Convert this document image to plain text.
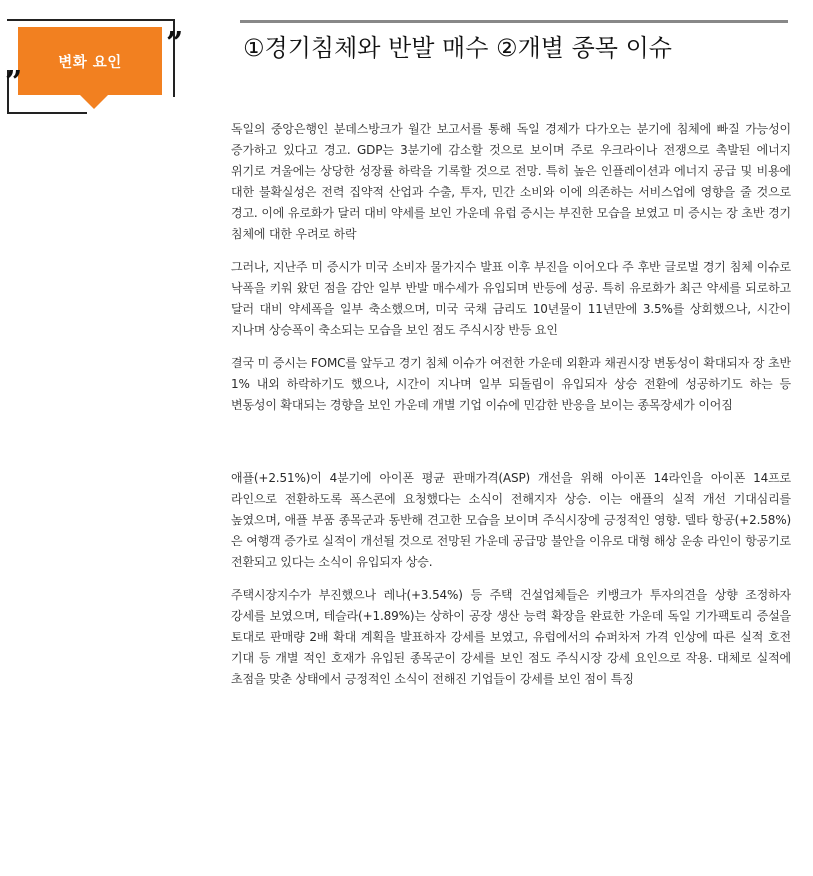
변화 요인
”
”
①경기침체와 반발 매수 ②개별 종목 이슈

독일의 중앙은행인 분데스방크가 월간 보고서를 통해 독일 경제가 다가오는 분기에 침체에 빠질 가능성이 증가하고 있다고 경고. GDP는 3분기에 감소할 것으로 보이며 주로 우크라이나 전쟁으로 촉발된 에너지 위기로 겨울에는 상당한 성장률 하락을 기록할 것으로 전망. 특히 높은 인플레이션과 에너지 공급 및 비용에 대한 불확실성은 전력 집약적 산업과 수출, 투자, 민간 소비와 이에 의존하는 서비스업에 영향을 줄 것으로 경고. 이에 유로화가 달러 대비 약세를 보인 가운데 유럽 증시는 부진한 모습을 보였고 미 증시는 장 초반 경기 침체에 대한 우려로 하락

그러나, 지난주 미 증시가 미국 소비자 물가지수 발표 이후 부진을 이어오다 주 후반 글로벌 경기 침체 이슈로 낙폭을 키워 왔던 점을 감안 일부 반발 매수세가 유입되며 반등에 성공. 특히 유로화가 최근 약세를 되로하고 달러 대비 약세폭을 일부 축소했으며, 미국 국채 금리도 10년물이 11년만에 3.5%를 상회했으나, 시간이 지나며 상승폭이 축소되는 모습을 보인 점도 주식시장 반등 요인

결국 미 증시는 FOMC를 앞두고 경기 침체 이슈가 여전한 가운데 외환과 채권시장 변동성이 확대되자 장 초반 1% 내외 하락하기도 했으나, 시간이 지나며 일부 되돌림이 유입되자 상승 전환에 성공하기도 하는 등 변동성이 확대되는 경향을 보인 가운데 개별 기업 이슈에 민감한 반응을 보이는 종목장세가 이어짐

애플(+2.51%)이 4분기에 아이폰 평균 판매가격(ASP) 개선을 위해 아이폰 14라인을 아이폰 14프로 라인으로 전환하도록 폭스콘에 요청했다는 소식이 전해지자 상승. 이는 애플의 실적 개선 기대심리를 높였으며, 애플 부품 종목군과 동반해 견고한 모습을 보이며 주식시장에 긍정적인 영향. 델타 항공(+2.58%)은 여행객 증가로 실적이 개선될 것으로 전망된 가운데 공급망 불안을 이유로 대형 해상 운송 라인이 항공기로 전환되고 있다는 소식이 유입되자 상승.

주택시장지수가 부진했으나 레나(+3.54%) 등 주택 건설업체들은 키뱅크가 투자의견을 상향 조정하자 강세를 보였으며, 테슬라(+1.89%)는 상하이 공장 생산 능력 확장을 완료한 가운데 독일 기가팩토리 증설을 토대로 판매량 2배 확대 계획을 발표하자 강세를 보였고, 유럽에서의 슈퍼차저 가격 인상에 따른 실적 호전 기대 등 개별 적인 호재가 유입된 종목군이 강세를 보인 점도 주식시장 강세 요인으로 작용. 대체로 실적에 초점을 맞춘 상태에서 긍정적인 소식이 전해진 기업들이 강세를 보인 점이 특징
